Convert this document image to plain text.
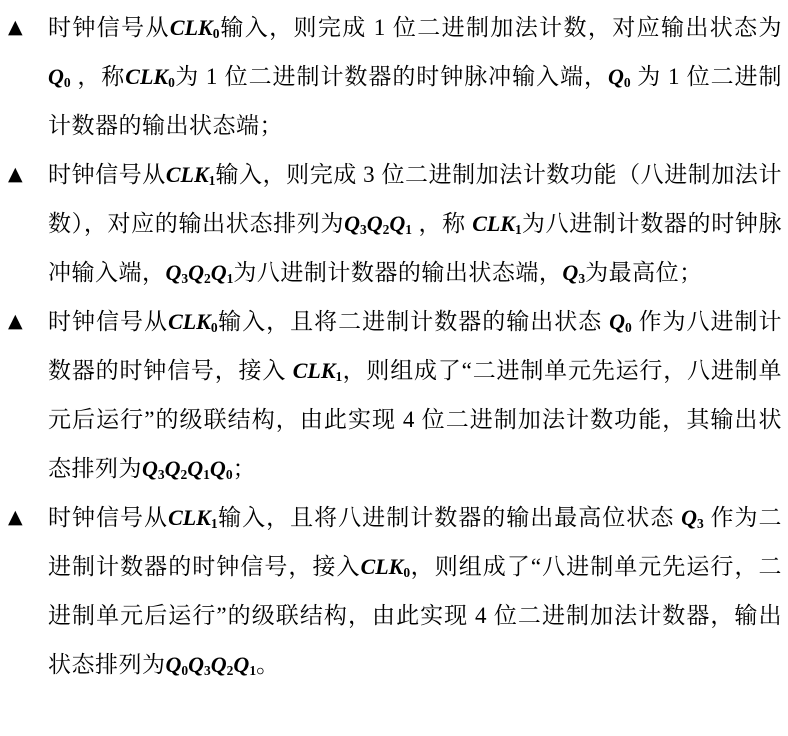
▲	时钟信号从CLK0输入，则完成 1 位二进制加法计数，对应输出状态为 Q0 ，称CLK0为 1 位二进制计数器的时钟脉冲输入端，Q0 为 1 位二进制计数器的输出状态端；

▲	时钟信号从CLK1输入，则完成 3 位二进制加法计数功能（八进制加法计数），对应的输出状态排列为Q3Q2Q1 ，称 CLK1为八进制计数器的时钟脉冲输入端，Q3Q2Q1为八进制计数器的输出状态端，Q3为最高位；

▲	时钟信号从CLK0输入，且将二进制计数器的输出状态 Q0 作为八进制计数器的时钟信号，接入 CLK1，则组成了“二进制单元先运行，八进制单元后运行”的级联结构，由此实现 4 位二进制加法计数功能，其输出状态排列为Q3Q2Q1Q0；

▲	时钟信号从CLK1输入，且将八进制计数器的输出最高位状态 Q3 作为二进制计数器的时钟信号，接入CLK0，则组成了“八进制单元先运行，二进制单元后运行”的级联结构，由此实现 4 位二进制加法计数器，输出状态排列为Q0Q3Q2Q1。
